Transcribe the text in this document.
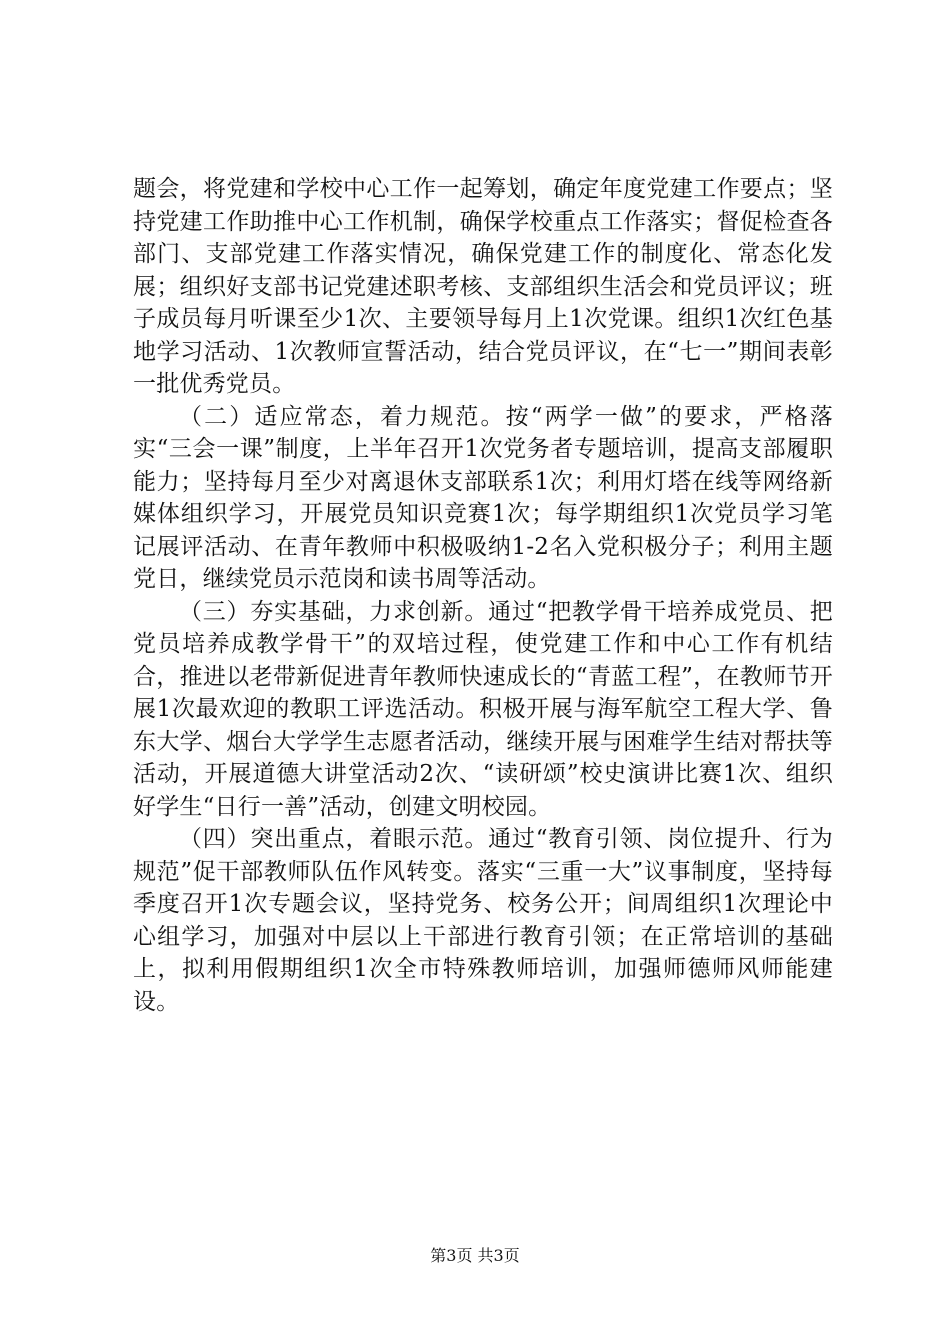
题会，将党建和学校中心工作一起筹划，确定年度党建工作要点；坚持党建工作助推中心工作机制，确保学校重点工作落实；督促检查各部门、支部党建工作落实情况，确保党建工作的制度化、常态化发展；组织好支部书记党建述职考核、支部组织生活会和党员评议；班子成员每月听课至少1次、主要领导每月上1次党课。组织1次红色基地学习活动、1次教师宣誓活动，结合党员评议，在“七一”期间表彰一批优秀党员。

（二）适应常态，着力规范。按“两学一做”的要求，严格落实“三会一课”制度，上半年召开1次党务者专题培训，提高支部履职能力；坚持每月至少对离退休支部联系1次；利用灯塔在线等网络新媒体组织学习，开展党员知识竞赛1次；每学期组织1次党员学习笔记展评活动、在青年教师中积极吸纳1-2名入党积极分子；利用主题党日，继续党员示范岗和读书周等活动。

（三）夯实基础，力求创新。通过“把教学骨干培养成党员、把党员培养成教学骨干”的双培过程，使党建工作和中心工作有机结合，推进以老带新促进青年教师快速成长的“青蓝工程”，在教师节开展1次最欢迎的教职工评选活动。积极开展与海军航空工程大学、鲁东大学、烟台大学学生志愿者活动，继续开展与困难学生结对帮扶等活动，开展道德大讲堂活动2次、“读研颂”校史演讲比赛1次、组织好学生“日行一善”活动，创建文明校园。

（四）突出重点，着眼示范。通过“教育引领、岗位提升、行为规范”促干部教师队伍作风转变。落实“三重一大”议事制度，坚持每季度召开1次专题会议，坚持党务、校务公开；间周组织1次理论中心组学习，加强对中层以上干部进行教育引领；在正常培训的基础上，拟利用假期组织1次全市特殊教师培训，加强师德师风师能建设。

第3页 共3页
